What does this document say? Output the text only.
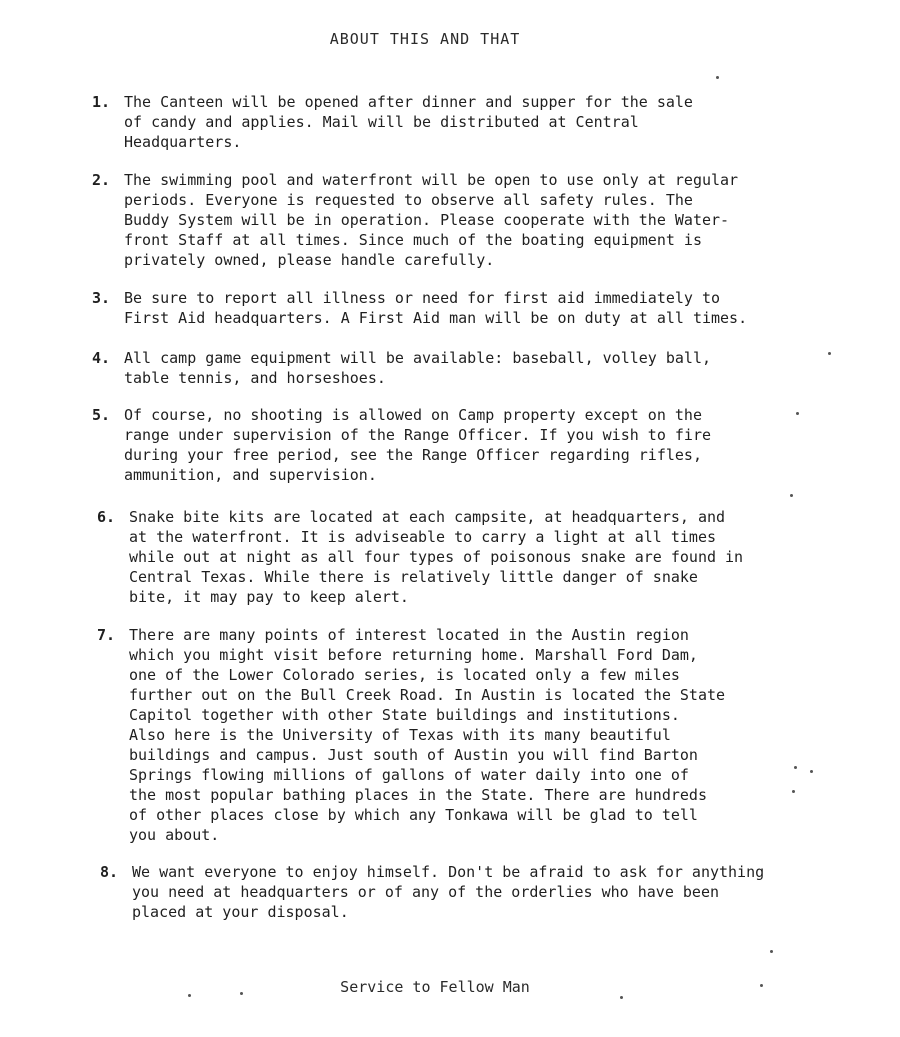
ABOUT THIS AND THAT
1. The Canteen will be opened after dinner and supper for the sale
of candy and applies. Mail will be distributed at Central
Headquarters.
2. The swimming pool and waterfront will be open to use only at regular
periods. Everyone is requested to observe all safety rules. The
Buddy System will be in operation. Please cooperate with the Water-
front Staff at all times. Since much of the boating equipment is
privately owned, please handle carefully.
3. Be sure to report all illness or need for first aid immediately to
First Aid headquarters. A First Aid man will be on duty at all times.
4. All camp game equipment will be available: baseball, volley ball,
table tennis, and horseshoes.
5. Of course, no shooting is allowed on Camp property except on the
range under supervision of the Range Officer. If you wish to fire
during your free period, see the Range Officer regarding rifles,
ammunition, and supervision.
6. Snake bite kits are located at each campsite, at headquarters, and
at the waterfront. It is adviseable to carry a light at all times
while out at night as all four types of poisonous snake are found in
Central Texas. While there is relatively little danger of snake
bite, it may pay to keep alert.
7. There are many points of interest located in the Austin region
which you might visit before returning home. Marshall Ford Dam,
one of the Lower Colorado series, is located only a few miles
further out on the Bull Creek Road. In Austin is located the State
Capitol together with other State buildings and institutions.
Also here is the University of Texas with its many beautiful
buildings and campus. Just south of Austin you will find Barton
Springs flowing millions of gallons of water daily into one of
the most popular bathing places in the State. There are hundreds
of other places close by which any Tonkawa will be glad to tell
you about.
8. We want everyone to enjoy himself. Don't be afraid to ask for anything
you need at headquarters or of any of the orderlies who have been
placed at your disposal.
Service to Fellow Man
